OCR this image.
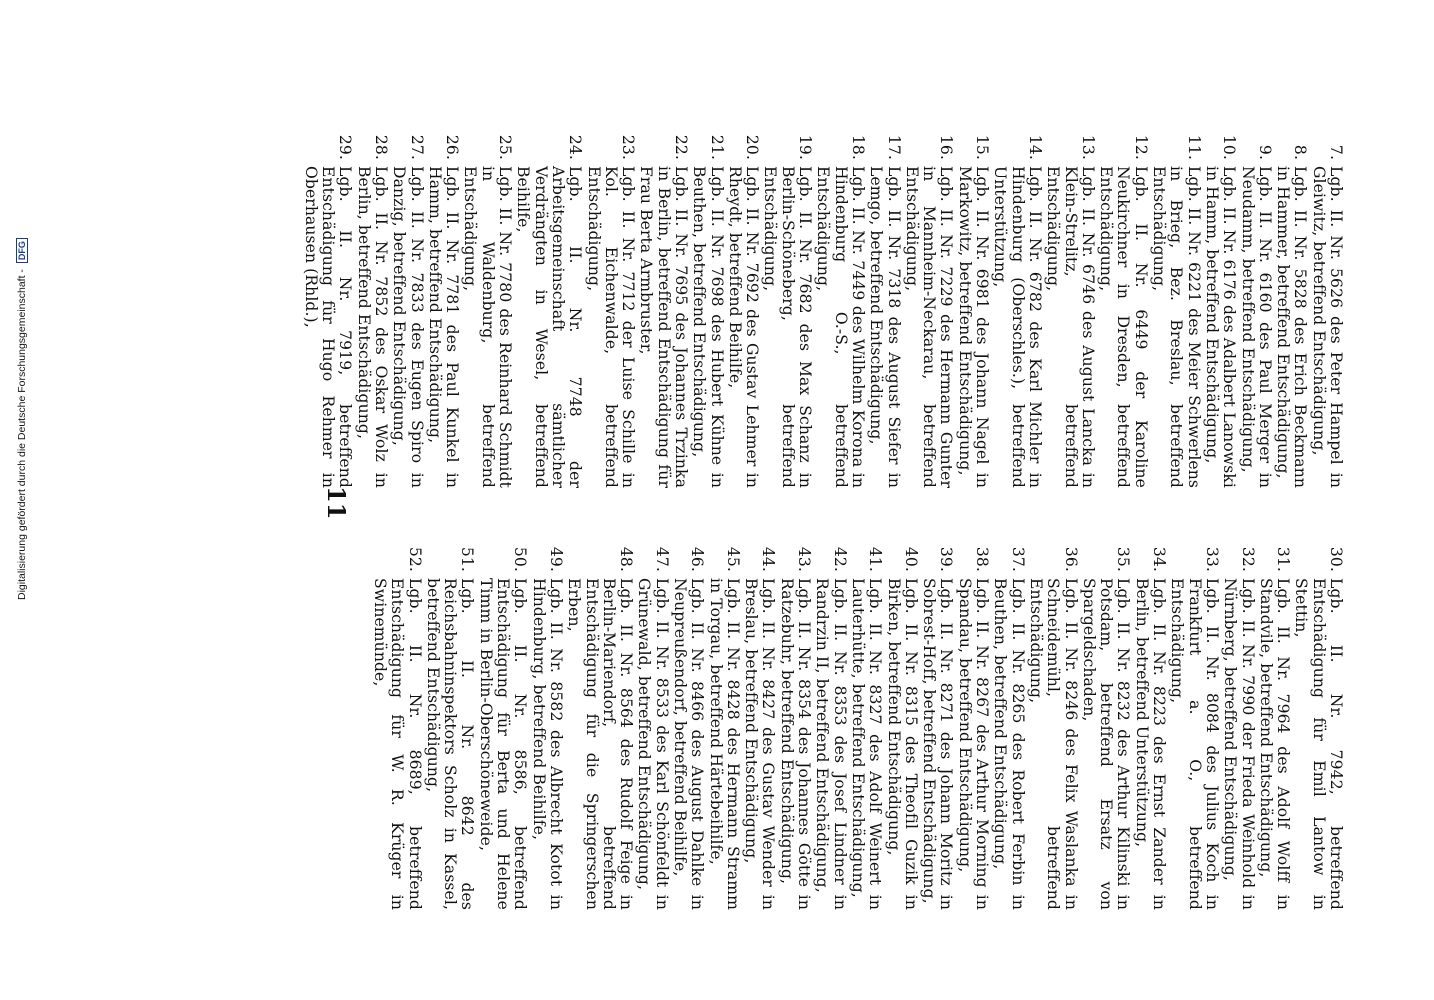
11
7.
Lgb. II. Nr. 5626 des Peter Hampel in Gleiwitz, betreffend Entschädigung,
8.
Lgb. II. Nr. 5828 des Erich Beckmann in Hammer, betreffend Entschädigung,
9.
Lgb. II. Nr. 6160 des Paul Merger in Neudamm, betreffend Entschädigung,
10.
Lgb. II. Nr. 6176 des Adalbert Lanowski in Hamm, betreffend Entschädigung,
11.
Lgb. II. Nr. 6221 des Meier Schwerlens in Brieg, Bez. Breslau, betreffend Entschädigung,
12.
Lgb. II. Nr. 6449 der Karoline Neukirchner in Dresden, betreffend Entschädigung,
13.
Lgb. II. Nr. 6746 des August Lancka in Klein-Strelitz, betreffend Entschädigung,
14.
Lgb. II. Nr. 6782 des Karl Michler in Hindenburg (Oberschles.), betreffend Unterstützung,
15.
Lgb. II. Nr. 6981 des Johann Nagel in Markowitz, betreffend Entschädigung,
16.
Lgb. II. Nr. 7229 des Hermann Gunter in Mannheim-Neckarau, betreffend Entschädigung,
17.
Lgb. II. Nr. 7318 des August Siefer in Lemgo, betreffend Entschädigung,
18.
Lgb. II. Nr. 7449 des Wilhelm Korona in Hindenburg O.-S., betreffend Entschädigung,
19.
Lgb. II. Nr. 7682 des Max Schanz in Berlin-Schöneberg, betreffend Entschädigung,
20.
Lgb. II. Nr. 7692 des Gustav Lehmer in Rheydt, betreffend Beihilfe,
21.
Lgb. II. Nr. 7698 des Hubert Kühne in Beuthen, betreffend Entschädigung,
22.
Lgb. II. Nr. 7695 des Johannes Trzinka in Berlin, betreffend Entschädigung für Frau Berta Armbruster,
23.
Lgb. II. Nr. 7712 der Luise Schille in Kol. Eichenwalde, betreffend Entschädigung,
24.
Lgb. II. Nr. 7748 der Arbeitsgemeinschaft sämtlicher Verdrängten in Wesel, betreffend Beihilfe,
25.
Lgb. II. Nr. 7780 des Reinhard Schmidt in Waldenburg, betreffend Entschädigung,
26.
Lgb. II. Nr. 7781 des Paul Kunkel in Hamm, betreffend Entschädigung,
27.
Lgb. II. Nr. 7833 des Eugen Spiro in Danzig, betreffend Entschädigung,
28.
Lgb. II. Nr. 7852 des Oskar Wolz in Berlin, betreffend Entschädigung,
29.
Lgb. II. Nr. 7919, betreffend Entschädigung für Hugo Rehmer in Oberhausen (Rhld.),
30.
Lgb. II. Nr. 7942, betreffend Entschädigung für Emil Lantow in Stettin,
31.
Lgb. II. Nr. 7964 des Adolf Wolff in Standvile, betreffend Entschädigung,
32.
Lgb. II. Nr. 7990 der Frieda Weinhold in Nürnberg, betreffend Entschädigung,
33.
Lgb. II. Nr. 8084 des Julius Koch in Frankfurt a. O., betreffend Entschädigung,
34.
Lgb. II. Nr. 8223 des Ernst Zander in Berlin, betreffend Unterstützung,
35.
Lgb. II. Nr. 8232 des Arthur Kilinski in Potsdam, betreffend Ersatz von Spargeldschaden,
36.
Lgb. II. Nr. 8246 des Felix Waslanka in Schneidemühl, betreffend Entschädigung,
37.
Lgb. II. Nr. 8265 des Robert Ferbin in Beuthen, betreffend Entschädigung,
38.
Lgb. II. Nr. 8267 des Arthur Morning in Spandau, betreffend Entschädigung,
39.
Lgb. II. Nr. 8271 des Johann Moritz in Sobrest-Hoff, betreffend Entschädigung,
40.
Lgb. II. Nr. 8315 des Theofil Guzik in Birken, betreffend Entschädigung,
41.
Lgb. II. Nr. 8327 des Adolf Weinert in Lauterhütte, betreffend Entschädigung,
42.
Lgb. II. Nr. 8353 des Josef Lindner in Randrzin II, betreffend Entschädigung,
43.
Lgb. II. Nr. 8354 des Johannes Götte in Ratzebuhr, betreffend Entschädigung,
44.
Lgb. II. Nr. 8427 des Gustav Wender in Breslau, betreffend Entschädigung,
45.
Lgb. II. Nr. 8428 des Hermann Stramm in Torgau, betreffend Härtebeihilfe,
46.
Lgb. II. Nr. 8466 des August Dahlke in Neupreußendorf, betreffend Beihilfe,
47.
Lgb. II. Nr. 8533 des Karl Schönfeldt in Grünewald, betreffend Entschädigung,
48.
Lgb. II. Nr. 8564 des Rudolf Feige in Berlin-Mariendorf, betreffend Entschädigung für die Springerschen Erben,
49.
Lgb. II. Nr. 8582 des Albrecht Kotot in Hindenburg, betreffend Beihilfe,
50.
Lgb. II. Nr. 8586, betreffend Entschädigung für Berta und Helene Timm in Berlin-Oberschöneweide,
51.
Lgb. II. Nr. 8642 des Reichsbahninspektors Scholz in Kassel, betreffend Entschädigung,
52.
Lgb. II. Nr. 8689, betreffend Entschädigung für W. R. Krüger in Swinemünde,
Digitalisierung gefördert durch die Deutsche Forschungsgemeinschaft - DFG
